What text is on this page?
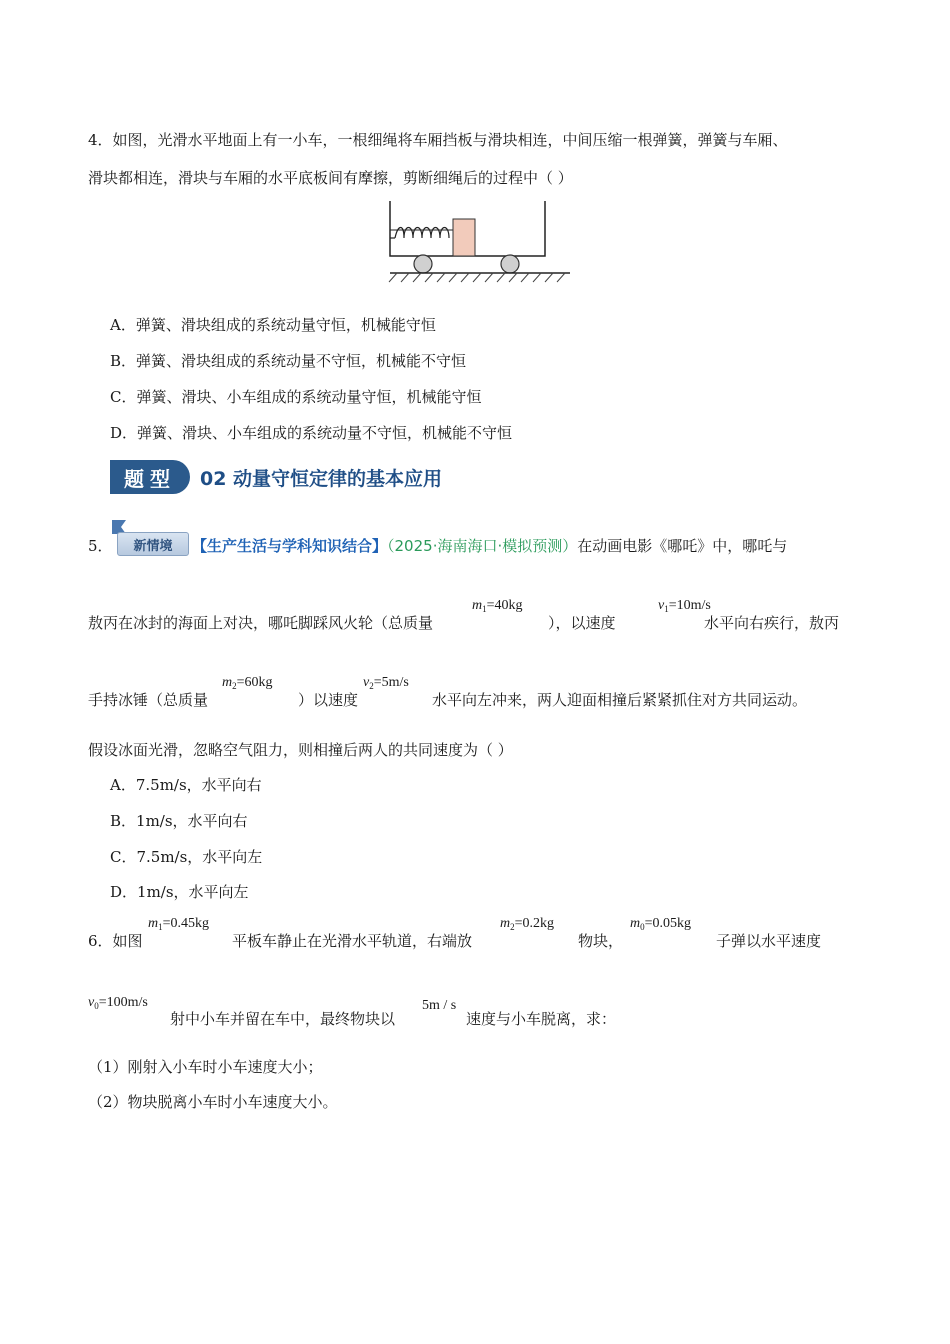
4．如图，光滑水平地面上有一小车，一根细绳将车厢挡板与滑块相连，中间压缩一根弹簧，弹簧与车厢、
滑块都相连，滑块与车厢的水平底板间有摩擦，剪断细绳后的过程中（ ）
A．弹簧、滑块组成的系统动量守恒，机械能守恒
B．弹簧、滑块组成的系统动量不守恒，机械能不守恒
C．弹簧、滑块、小车组成的系统动量守恒，机械能守恒
D．弹簧、滑块、小车组成的系统动量不守恒，机械能不守恒
题型	02 动量守恒定律的基本应用
5．	新情境	【生产生活与学科知识结合】（2025·海南海口·模拟预测）在动画电影《哪吒》中，哪吒与
敖丙在冰封的海面上对决，哪吒脚踩风火轮（总质量
$m_1=40kg$
），以速度
$v_1=10m/s$
水平向右疾行，敖丙
手持冰锤（总质量
$m_2=60kg$
）以速度
$v_2=5m/s$
水平向左冲来，两人迎面相撞后紧紧抓住对方共同运动。
假设冰面光滑，忽略空气阻力，则相撞后两人的共同速度为（ ）
A．7.5m/s，水平向右
B．1m/s，水平向右
C．7.5m/s，水平向左
D．1m/s，水平向左
6．如图
$m_1=0.45kg$
平板车静止在光滑水平轨道，右端放
$m_2=0.2kg$
物块，
$m_0=0.05kg$
子弹以水平速度
$v_0=100m/s$
射中小车并留在车中，最终物块以
5m / s
速度与小车脱离，求：
（1）刚射入小车时小车速度大小；
（2）物块脱离小车时小车速度大小。
